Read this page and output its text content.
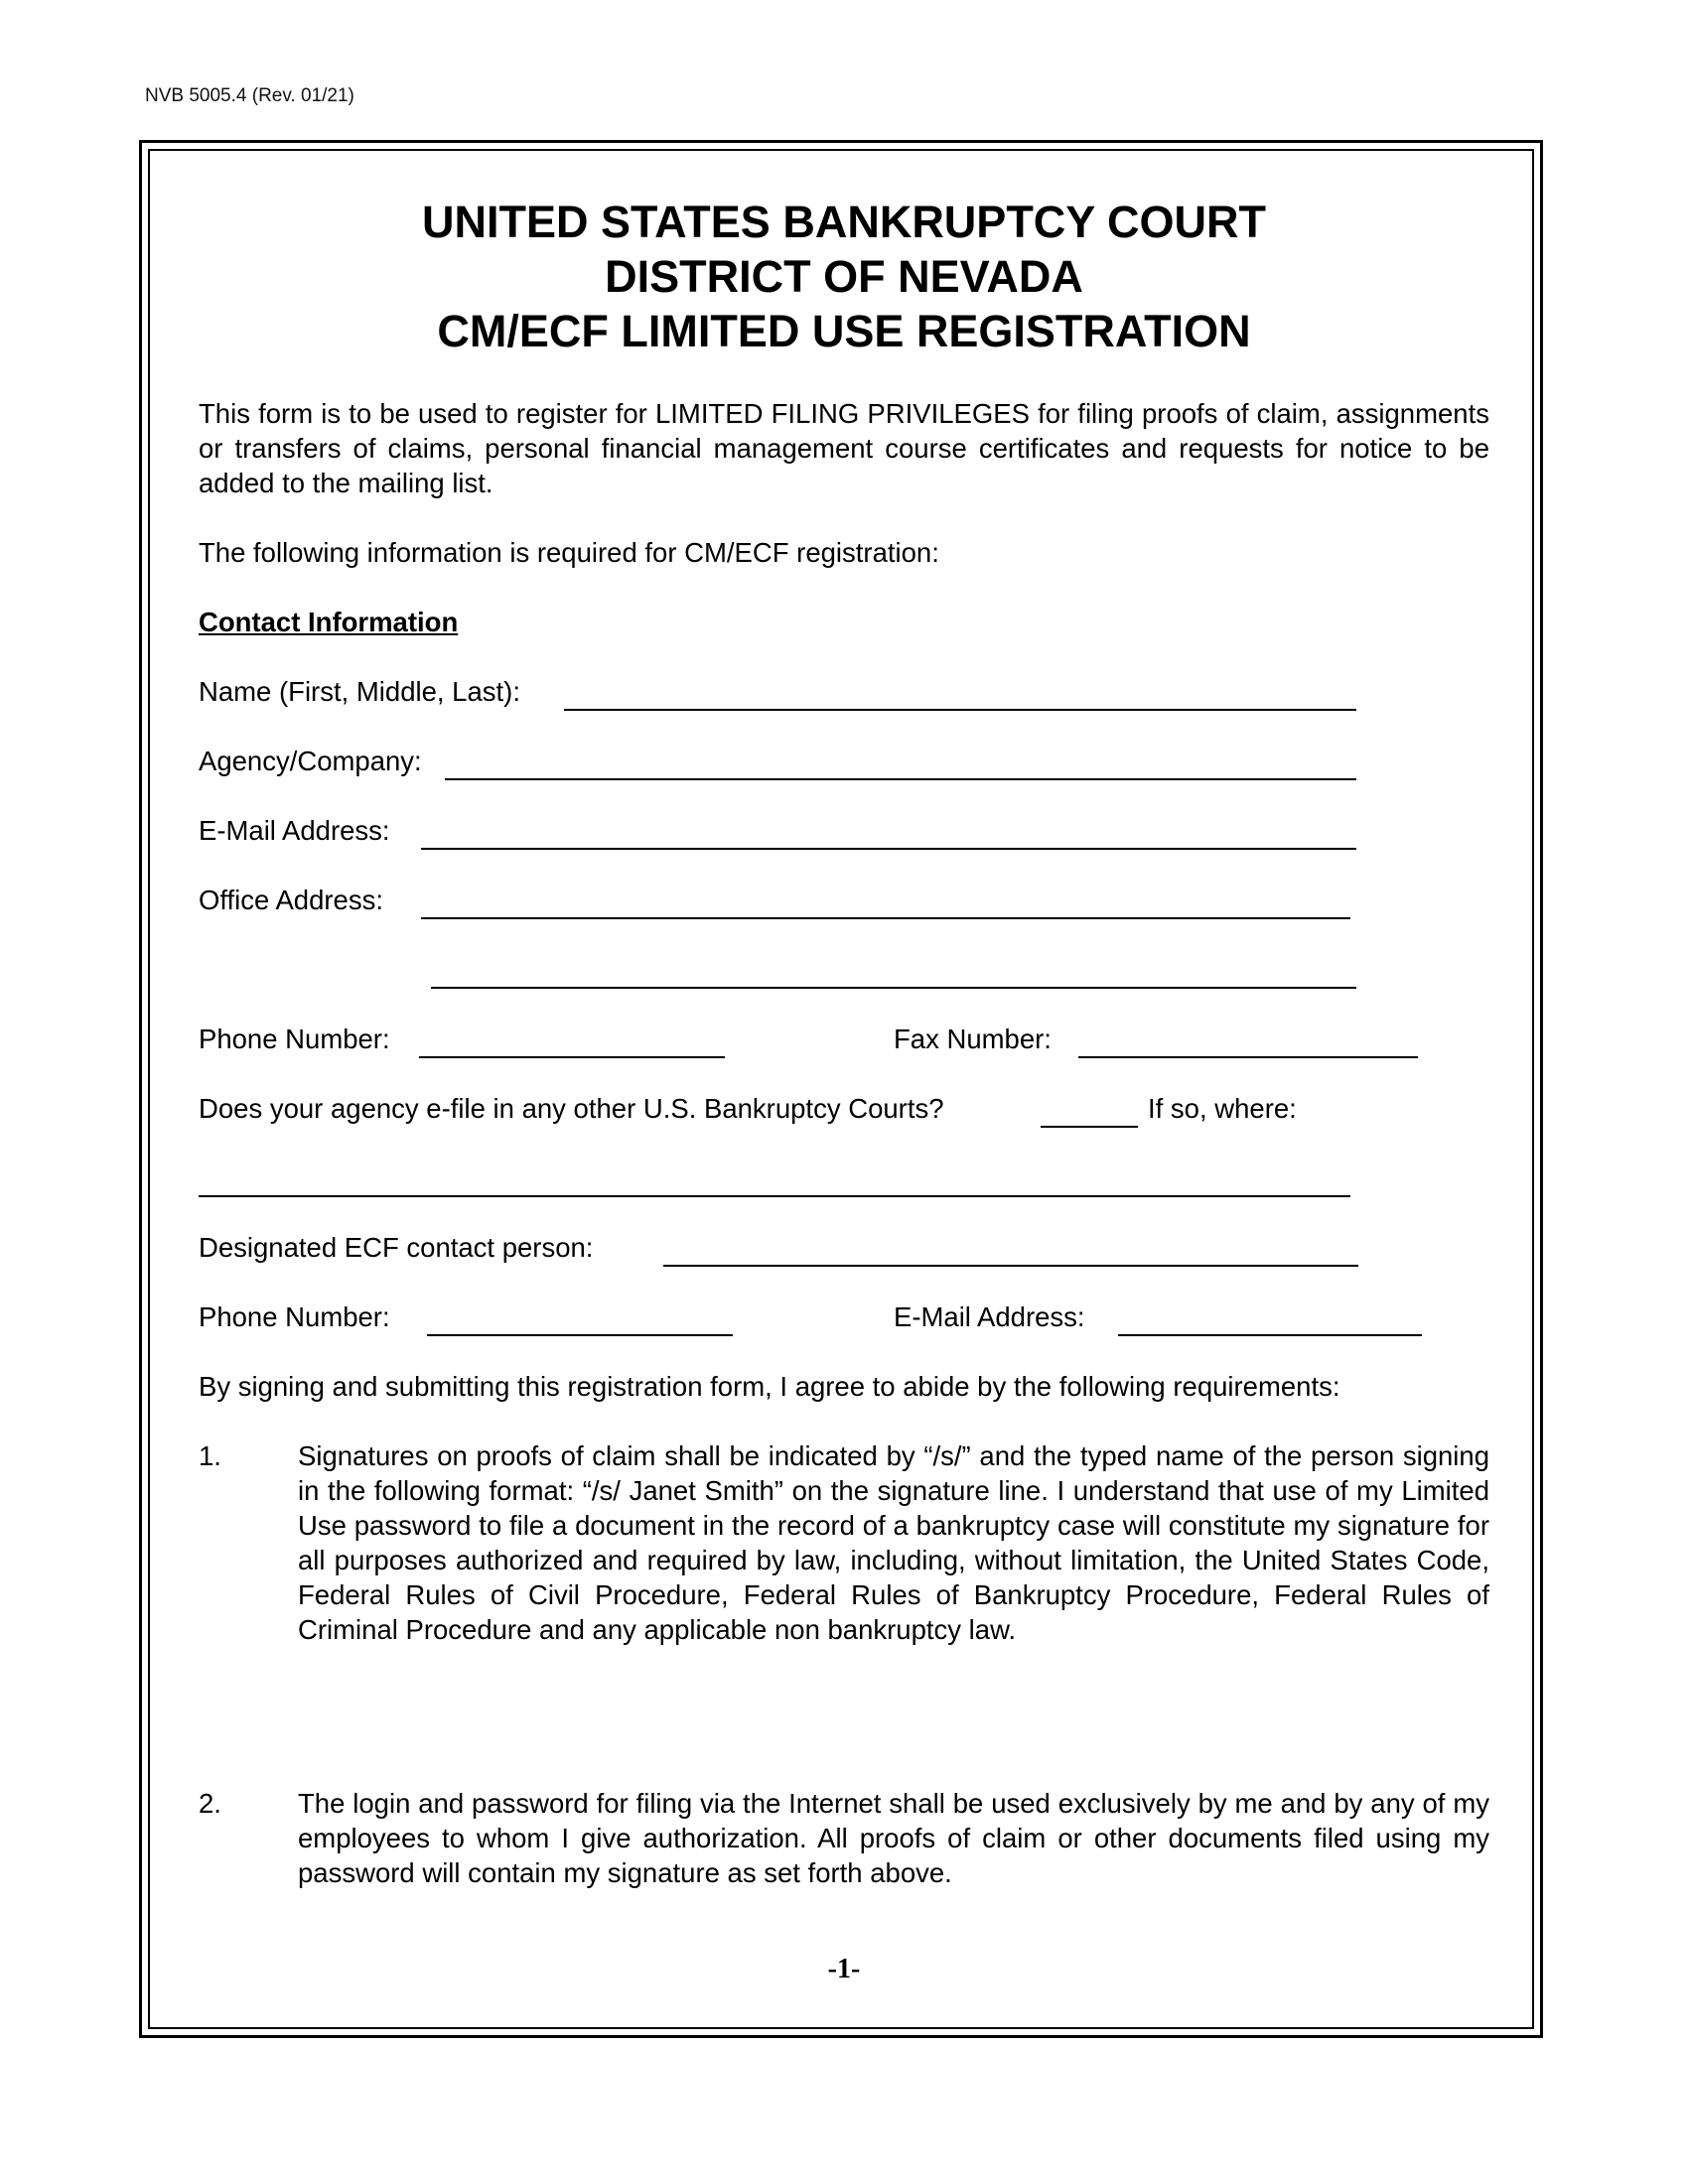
NVB 5005.4 (Rev. 01/21)
UNITED STATES BANKRUPTCY COURT
DISTRICT OF NEVADA
CM/ECF LIMITED USE REGISTRATION
This form is to be used to register for LIMITED FILING PRIVILEGES for filing proofs of claim, assignments or transfers of claims, personal financial management course certificates and requests for notice to be added to the mailing list.
The following information is required for CM/ECF registration:
Contact Information
Name (First, Middle, Last):
Agency/Company:
E-Mail Address:
Office Address:
Phone Number:	Fax Number:
Does your agency e-file in any other U.S. Bankruptcy Courts?	If so, where:
Designated ECF contact person:
Phone Number:	E-Mail Address:
By signing and submitting this registration form, I agree to abide by the following requirements:
1.	Signatures on proofs of claim shall be indicated by “/s/” and the typed name of the person signing in the following format: “/s/ Janet Smith” on the signature line. I understand that use of my Limited Use password to file a document in the record of a bankruptcy case will constitute my signature for all purposes authorized and required by law, including, without limitation, the United States Code, Federal Rules of Civil Procedure, Federal Rules of Bankruptcy Procedure, Federal Rules of Criminal Procedure and any applicable non bankruptcy law.
2.	The login and password for filing via the Internet shall be used exclusively by me and by any of my employees to whom I give authorization. All proofs of claim or other documents filed using my password will contain my signature as set forth above.
-1-
